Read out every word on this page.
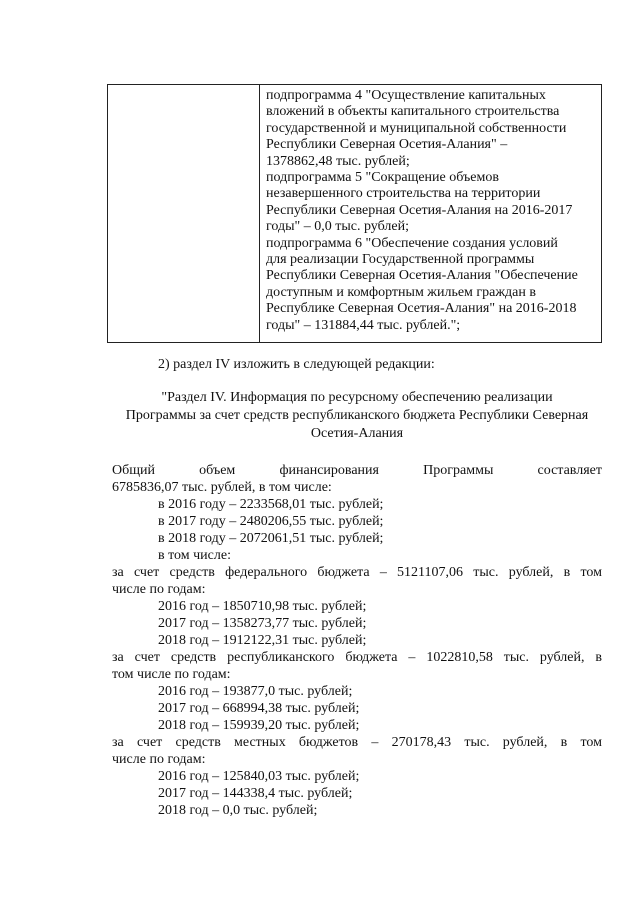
подпрограмма 4 "Осуществление капитальных
вложений в объекты капитального строительства
государственной и муниципальной собственности
Республики Северная Осетия-Алания" –
1378862,48 тыс. рублей;
подпрограмма 5 "Сокращение объемов
незавершенного строительства на территории
Республики Северная Осетия-Алания на 2016-2017
годы" – 0,0 тыс. рублей;
подпрограмма 6 "Обеспечение создания условий
для реализации Государственной программы
Республики Северная Осетия-Алания "Обеспечение
доступным и комфортным жильем граждан в
Республике Северная Осетия-Алания" на 2016-2018
годы" – 131884,44 тыс. рублей.";
2) раздел IV изложить в следующей редакции:
"Раздел IV. Информация по ресурсному обеспечению реализации
Программы за счет средств республиканского бюджета Республики Северная
Осетия-Алания
Общий объем финансирования Программы составляет
6785836,07 тыс. рублей, в том числе:
в 2016 году – 2233568,01 тыс. рублей;
в 2017 году – 2480206,55 тыс. рублей;
в 2018 году – 2072061,51 тыс. рублей;
в том числе:
за счет средств федерального бюджета – 5121107,06 тыс. рублей, в том
числе по годам:
2016 год – 1850710,98 тыс. рублей;
2017 год – 1358273,77 тыс. рублей;
2018 год – 1912122,31 тыс. рублей;
за счет средств республиканского бюджета – 1022810,58 тыс. рублей, в
том числе по годам:
2016 год – 193877,0 тыс. рублей;
2017 год – 668994,38 тыс. рублей;
2018 год – 159939,20 тыс. рублей;
за счет средств местных бюджетов – 270178,43 тыс. рублей, в том
числе по годам:
2016 год – 125840,03 тыс. рублей;
2017 год – 144338,4 тыс. рублей;
2018 год – 0,0 тыс. рублей;
